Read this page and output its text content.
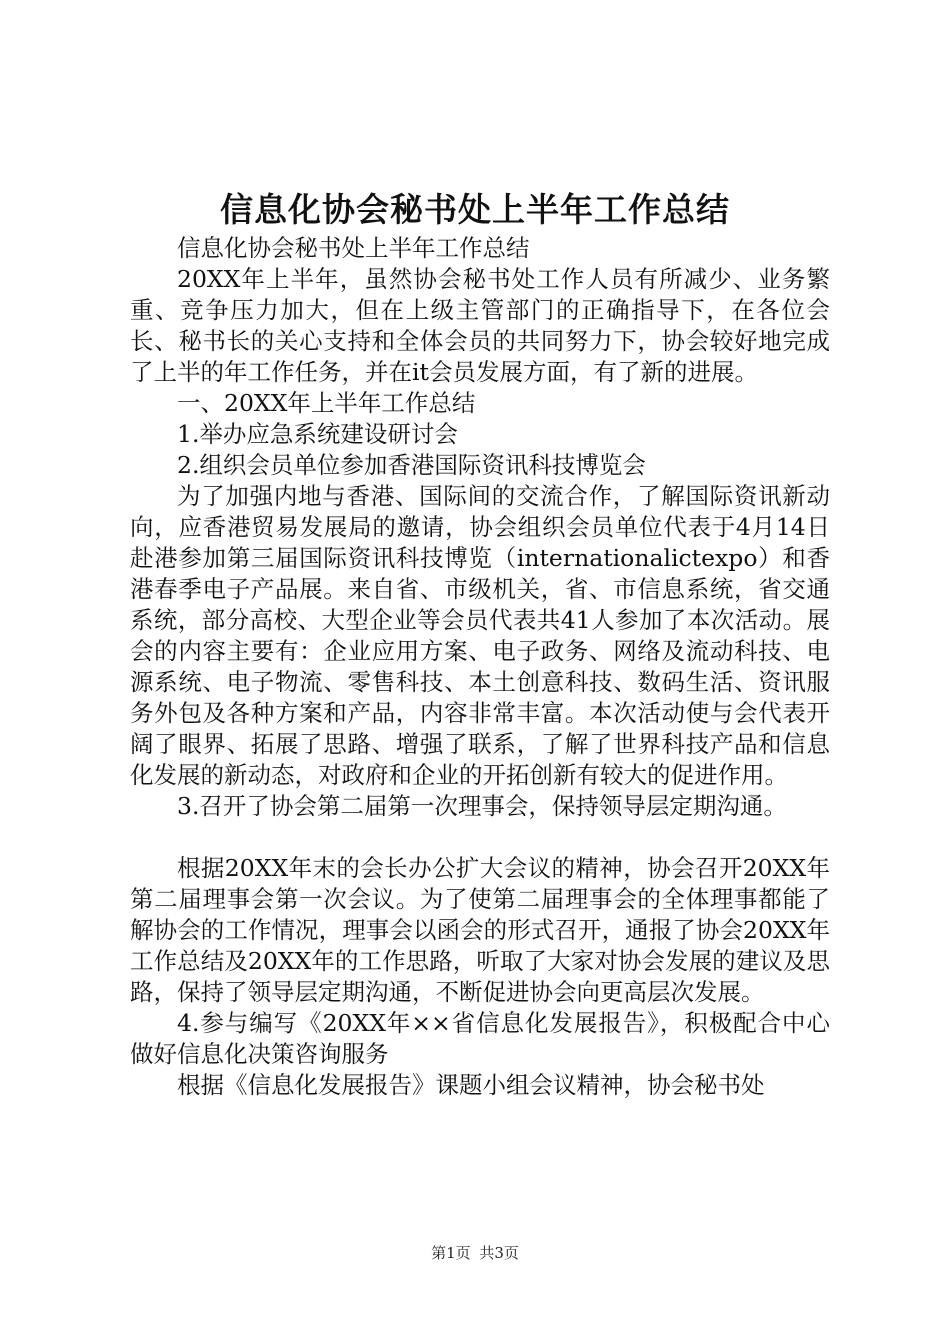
信息化协会秘书处上半年工作总结

信息化协会秘书处上半年工作总结

20XX年上半年，虽然协会秘书处工作人员有所减少、业务繁重、竞争压力加大，但在上级主管部门的正确指导下，在各位会长、秘书长的关心支持和全体会员的共同努力下，协会较好地完成了上半的年工作任务，并在it会员发展方面，有了新的进展。

一、20XX年上半年工作总结

1.举办应急系统建设研讨会

2.组织会员单位参加香港国际资讯科技博览会

为了加强内地与香港、国际间的交流合作，了解国际资讯新动向，应香港贸易发展局的邀请，协会组织会员单位代表于4月14日赴港参加第三届国际资讯科技博览（internationalictexpo）和香港春季电子产品展。来自省、市级机关，省、市信息系统，省交通系统，部分高校、大型企业等会员代表共41人参加了本次活动。展会的内容主要有：企业应用方案、电子政务、网络及流动科技、电源系统、电子物流、零售科技、本土创意科技、数码生活、资讯服务外包及各种方案和产品，内容非常丰富。本次活动使与会代表开阔了眼界、拓展了思路、增强了联系，了解了世界科技产品和信息化发展的新动态，对政府和企业的开拓创新有较大的促进作用。

3.召开了协会第二届第一次理事会，保持领导层定期沟通。

根据20XX年末的会长办公扩大会议的精神，协会召开20XX年第二届理事会第一次会议。为了使第二届理事会的全体理事都能了解协会的工作情况，理事会以函会的形式召开，通报了协会20XX年工作总结及20XX年的工作思路，听取了大家对协会发展的建议及思路，保持了领导层定期沟通，不断促进协会向更高层次发展。

4.参与编写《20XX年××省信息化发展报告》，积极配合中心做好信息化决策咨询服务

根据《信息化发展报告》课题小组会议精神，协会秘书处

第1页 共3页
